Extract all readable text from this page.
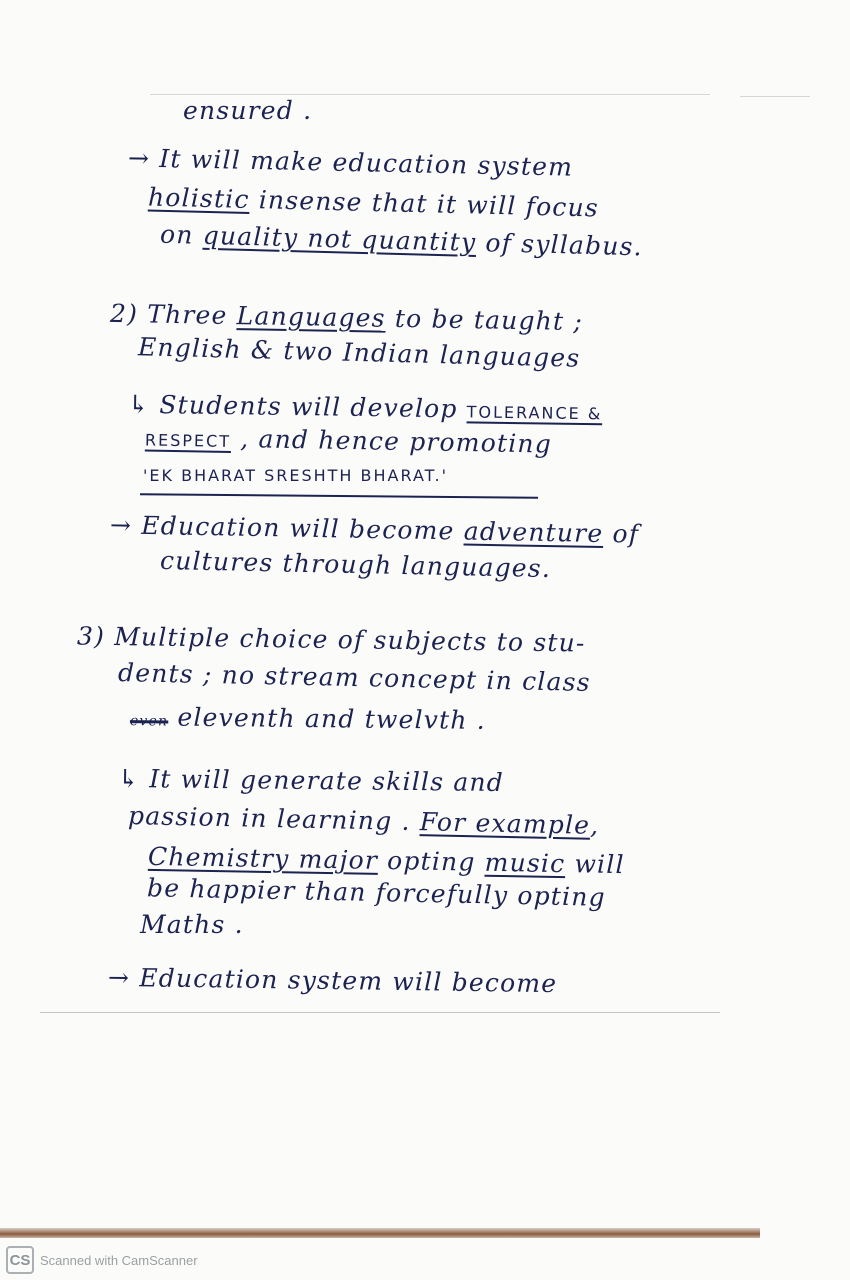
ensured .
→ It will make education system
holistic insense that it will focus
on quality not quantity of syllabus.
2) Three Languages to be taught ;
English & two Indian languages
↳ Students will develop TOLERANCE &
RESPECT , and hence promoting
'EK BHARAT SRESHTH BHARAT.'
→ Education will become adventure of
cultures through languages.
3) Multiple choice of subjects to stu-
dents ; no stream concept in class
even eleventh and twelvth .
↳ It will generate skills and
passion in learning . For example,
Chemistry major opting music will
be happier than forcefully opting
Maths .
→ Education system will become
CS Scanned with CamScanner
